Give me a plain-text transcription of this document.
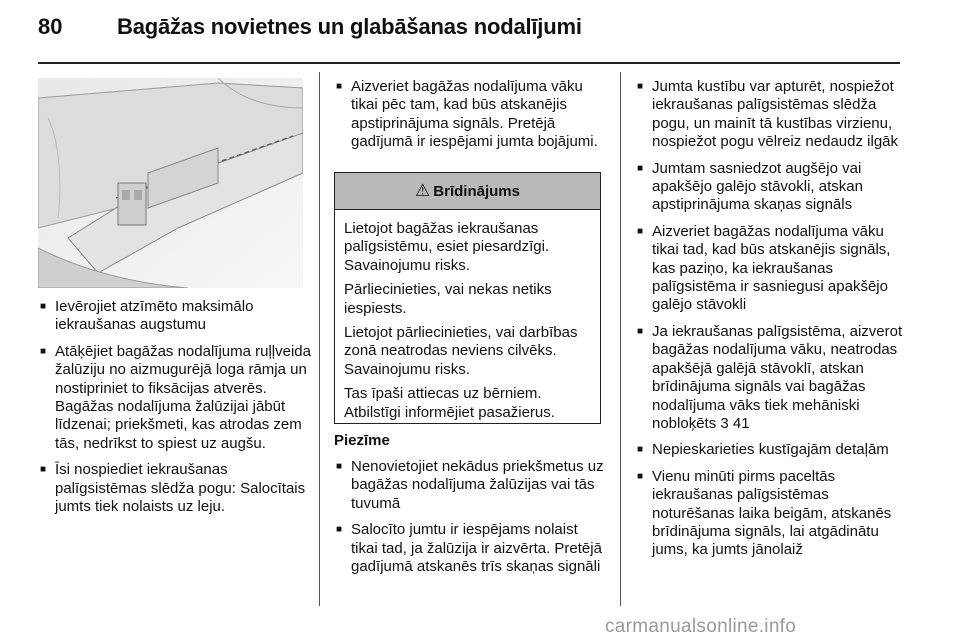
80 Bagāžas novietnes un glabāšanas nodalījumi
■ Ievērojiet atzīmēto maksimālo iekraušanas augstumu
■ Atāķējiet bagāžas nodalījuma ruļļveida žalūziju no aizmugurējā loga rāmja un nostipriniet to fiksācijas atverēs. Bagāžas nodalījuma žalūzijai jābūt līdzenai; priekšmeti, kas atrodas zem tās, nedrīkst to spiest uz augšu.
■ Īsi nospiediet iekraušanas palīgsistēmas slēdža pogu: Salocītais jumts tiek nolaists uz leju.
■ Aizveriet bagāžas nodalījuma vāku tikai pēc tam, kad būs atskanējis apstiprinājuma signāls. Pretējā gadījumā ir iespējami jumta bojājumi.
⚠ Brīdinājums

Lietojot bagāžas iekraušanas palīgsistēmu, esiet piesardzīgi. Savainojumu risks.

Pārliecinieties, vai nekas netiks iespiests.

Lietojot pārliecinieties, vai darbības zonā neatrodas neviens cilvēks. Savainojumu risks.

Tas īpaši attiecas uz bērniem. Atbilstīgi informējiet pasažierus.

Piezīme
■ Nenovietojiet nekādus priekšmetus uz bagāžas nodalījuma žalūzijas vai tās tuvumā
■ Salocīto jumtu ir iespējams nolaist tikai tad, ja žalūzija ir aizvērta. Pretējā gadījumā atskanēs trīs skaņas signāli
■ Jumta kustību var apturēt, nospiežot iekraušanas palīgsistēmas slēdža pogu, un mainīt tā kustības virzienu, nospiežot pogu vēlreiz nedaudz ilgāk
■ Jumtam sasniedzot augšējo vai apakšējo galējo stāvokli, atskan apstiprinājuma skaņas signāls
■ Aizveriet bagāžas nodalījuma vāku tikai tad, kad būs atskanējis signāls, kas paziņo, ka iekraušanas palīgsistēma ir sasniegusi apakšējo galējo stāvokli
■ Ja iekraušanas palīgsistēma, aizverot bagāžas nodalījuma vāku, neatrodas apakšējā galējā stāvoklī, atskan brīdinājuma signāls vai bagāžas nodalījuma vāks tiek mehāniski nobloķēts 3 41
■ Nepieskarieties kustīgajām detaļām
■ Vienu minūti pirms paceltās iekraušanas palīgsistēmas noturēšanas laika beigām, atskanēs brīdinājuma signāls, lai atgādinātu jums, ka jumts jānolaiž
carmanualsonline.info
